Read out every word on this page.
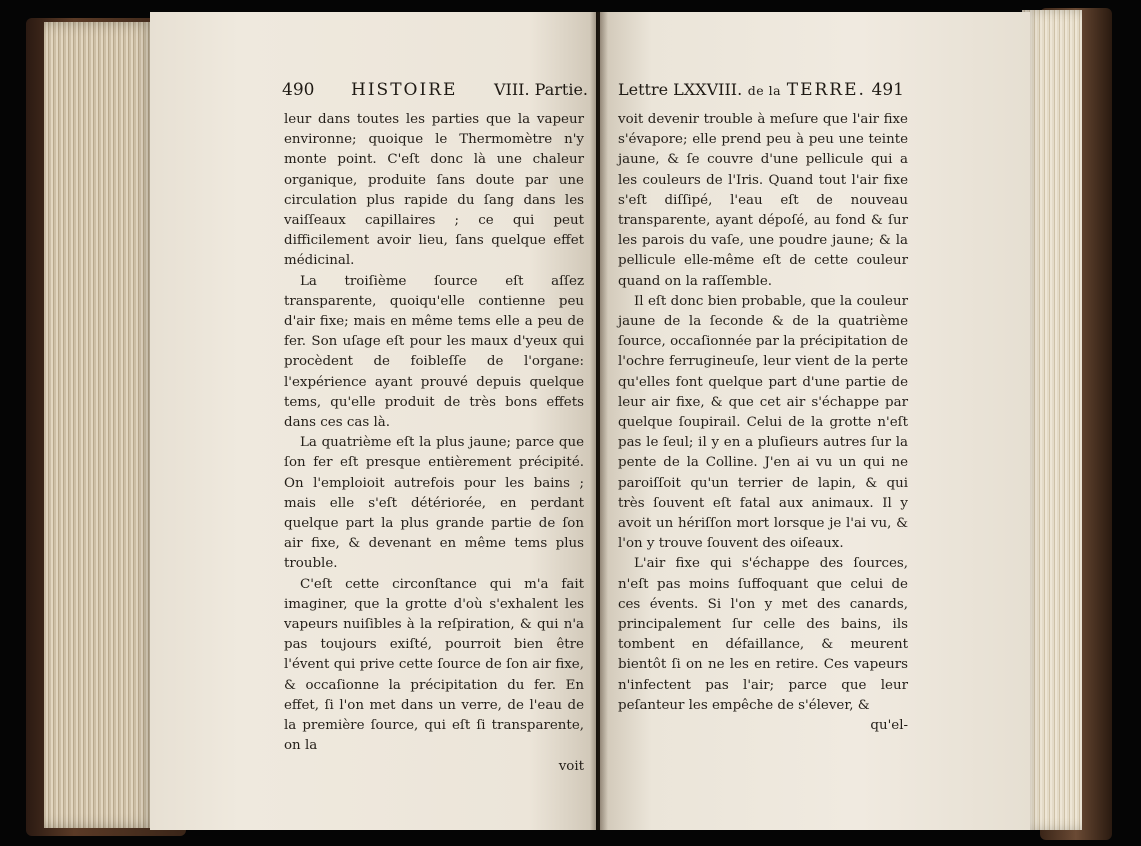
490 HISTOIRE VIII. Partie. Lettre LXXVIII. de la TERRE. 491

leur dans toutes les parties que la vapeur environne; quoique le Thermomètre n'y monte point. C'eſt donc là une chaleur organique, produite ſans doute par une circulation plus rapide du ſang dans les vaiſſeaux capillaires ; ce qui peut difficilement avoir lieu, ſans quelque effet médicinal.

La troiſième ſource eſt aſſez transparente, quoiqu'elle contienne peu d'air fixe; mais en même tems elle a peu de fer. Son uſage eſt pour les maux d'yeux qui procèdent de foibleſſe de l'organe: l'expérience ayant prouvé depuis quelque tems, qu'elle produit de très bons effets dans ces cas là.

La quatrième eſt la plus jaune; parce que ſon fer eſt presque entièrement précipité. On l'emploioit autrefois pour les bains ; mais elle s'eſt détériorée, en perdant quelque part la plus grande partie de ſon air fixe, & devenant en même tems plus trouble.

C'eſt cette circonſtance qui m'a fait imaginer, que la grotte d'où s'exhalent les vapeurs nuiſibles à la reſpiration, & qui n'a pas toujours exiſté, pourroit bien être l'évent qui prive cette ſource de ſon air fixe, & occaſionne la précipitation du fer. En effet, ſi l'on met dans un verre, de l'eau de la première ſource, qui eſt ſi transparente, on la

voit

voit devenir trouble à meſure que l'air fixe s'évapore; elle prend peu à peu une teinte jaune, & ſe couvre d'une pellicule qui a les couleurs de l'Iris. Quand tout l'air fixe s'eſt diſſipé, l'eau eſt de nouveau transparente, ayant dépoſé, au fond & ſur les parois du vaſe, une poudre jaune; & la pellicule elle-même eſt de cette couleur quand on la raſſemble.

Il eſt donc bien probable, que la couleur jaune de la ſeconde & de la quatrième ſource, occaſionnée par la précipitation de l'ochre ferrugineuſe, leur vient de la perte qu'elles font quelque part d'une partie de leur air fixe, & que cet air s'échappe par quelque ſoupirail. Celui de la grotte n'eſt pas le ſeul; il y en a pluſieurs autres ſur la pente de la Colline. J'en ai vu un qui ne paroiſſoit qu'un terrier de lapin, & qui très ſouvent eſt fatal aux animaux. Il y avoit un hériſſon mort lorsque je l'ai vu, & l'on y trouve ſouvent des oiſeaux.

L'air fixe qui s'échappe des ſources, n'eſt pas moins ſuffoquant que celui de ces évents. Si l'on y met des canards, principalement ſur celle des bains, ils tombent en défaillance, & meurent bientôt ſi on ne les en retire. Ces vapeurs n'infectent pas l'air; parce que leur peſanteur les empêche de s'élever, &

qu'el-
